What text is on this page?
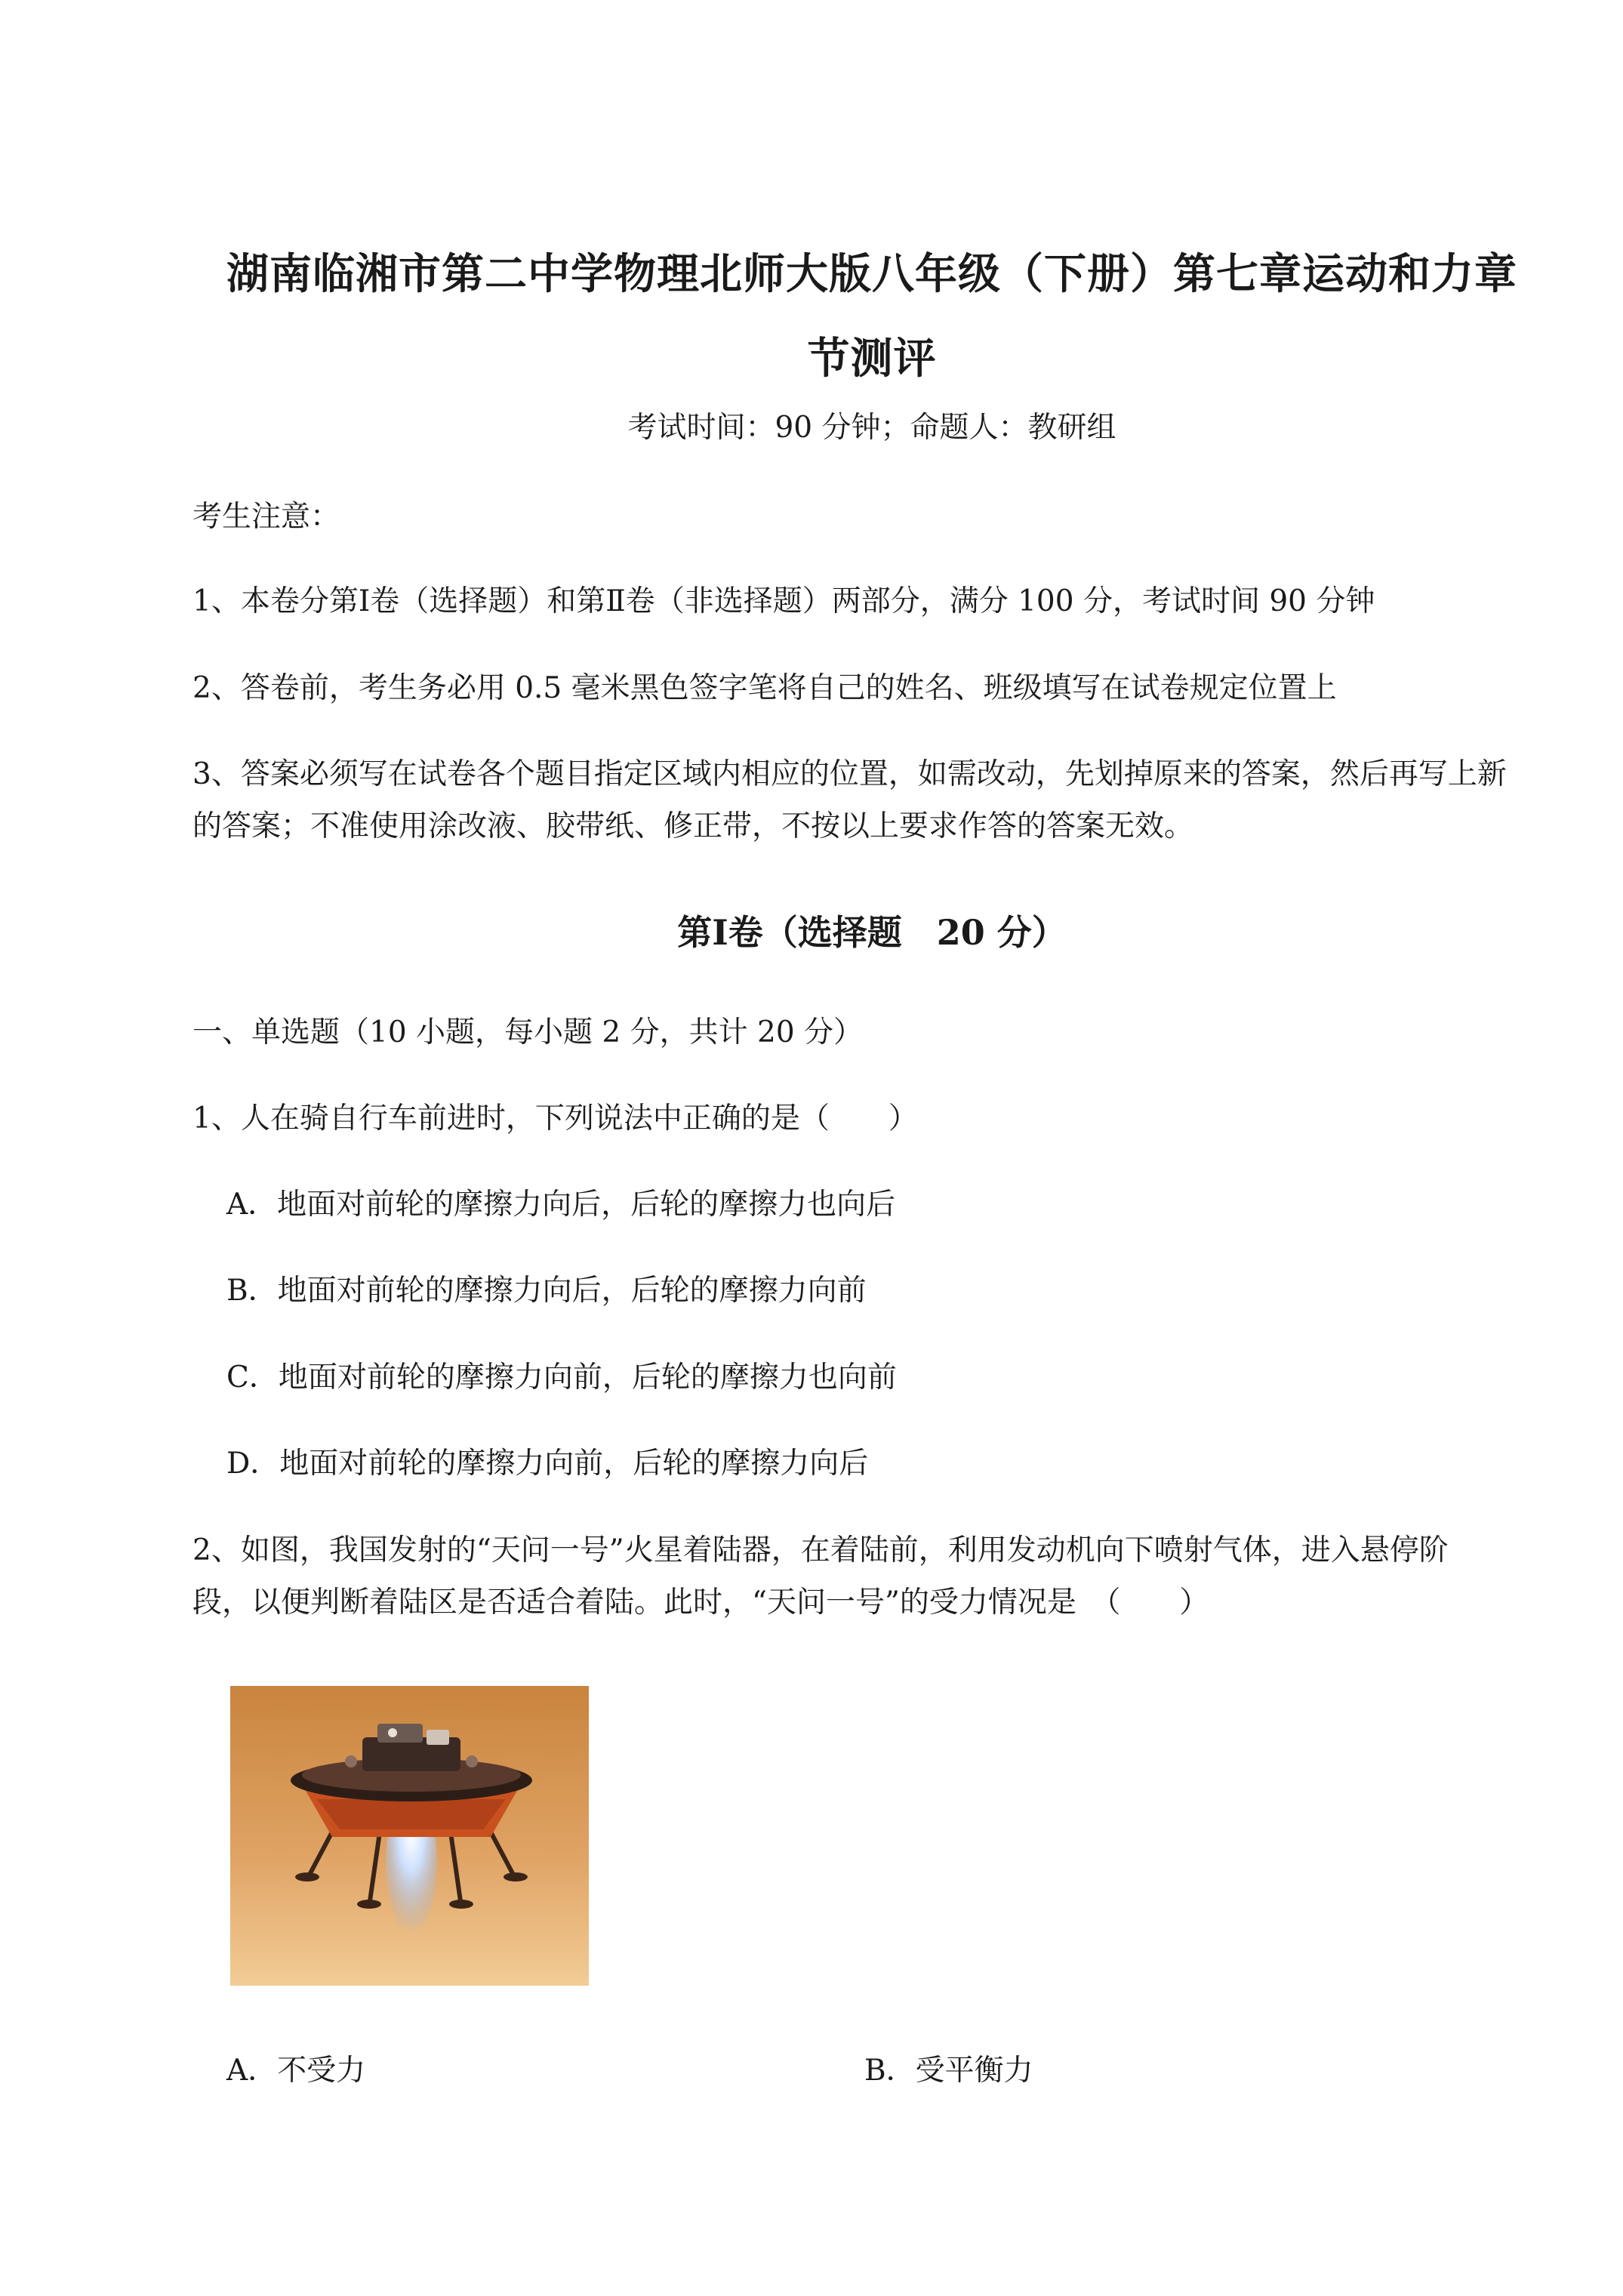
湖南临湘市第二中学物理北师大版八年级（下册）第七章运动和力章
节测评
考试时间：90 分钟；命题人：教研组
考生注意：
1、本卷分第Ⅰ卷（选择题）和第Ⅱ卷（非选择题）两部分，满分 100 分，考试时间 90 分钟
2、答卷前，考生务必用 0.5 毫米黑色签字笔将自己的姓名、班级填写在试卷规定位置上
3、答案必须写在试卷各个题目指定区域内相应的位置，如需改动，先划掉原来的答案，然后再写上新
的答案；不准使用涂改液、胶带纸、修正带，不按以上要求作答的答案无效。
第Ⅰ卷（选择题　20 分）
一、单选题（10 小题，每小题 2 分，共计 20 分）
1、人在骑自行车前进时，下列说法中正确的是（　　）
A．地面对前轮的摩擦力向后，后轮的摩擦力也向后
B．地面对前轮的摩擦力向后，后轮的摩擦力向前
C．地面对前轮的摩擦力向前，后轮的摩擦力也向前
D．地面对前轮的摩擦力向前，后轮的摩擦力向后
2、如图，我国发射的“天问一号”火星着陆器，在着陆前，利用发动机向下喷射气体，进入悬停阶
段，以便判断着陆区是否适合着陆。此时，“天问一号”的受力情况是　（　　）
A．不受力	B．受平衡力
